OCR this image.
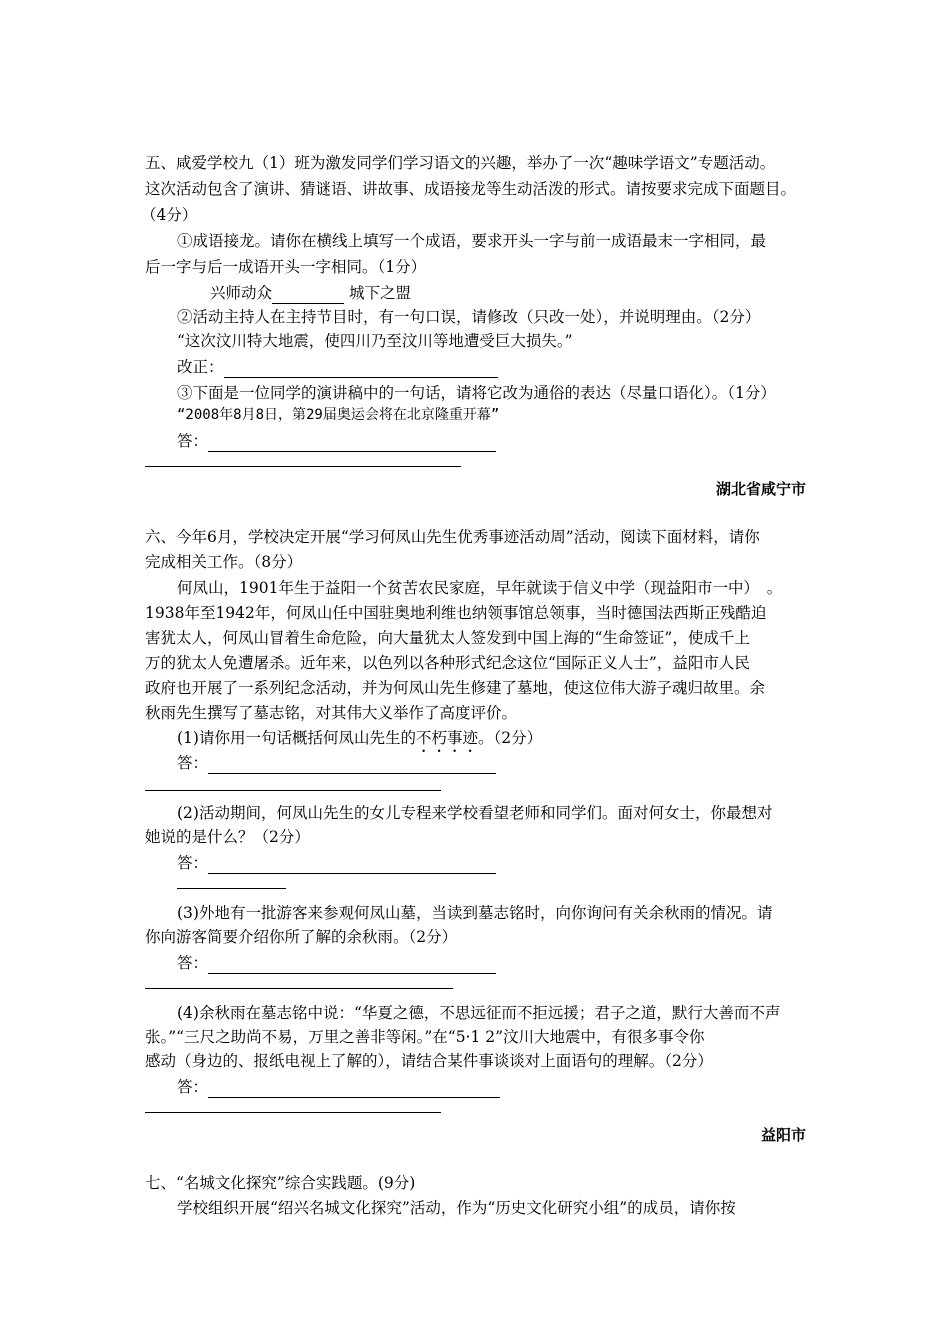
五、咸爱学校九（1）班为激发同学们学习语文的兴趣，举办了一次“趣味学语文”专题活动。
这次活动包含了演讲、猜谜语、讲故事、成语接龙等生动活泼的形式。请按要求完成下面题目。
（4分）
①成语接龙。请你在横线上填写一个成语，要求开头一字与前一成语最末一字相同，最
后一字与后一成语开头一字相同。（1分）
兴师动众	城下之盟
②活动主持人在主持节目时，有一句口误，请修改（只改一处），并说明理由。（2分）
“这次汶川特大地震，使四川乃至汶川等地遭受巨大损失。”
改正：
③下面是一位同学的演讲稿中的一句话，请将它改为通俗的表达（尽量口语化）。（1分）
“2008年8月8日，第29届奥运会将在北京隆重开幕”
答：
湖北省咸宁市
六、今年6月，学校决定开展“学习何凤山先生优秀事迹活动周”活动，阅读下面材料，请你
完成相关工作。（8分）
何凤山，1901年生于益阳一个贫苦农民家庭，早年就读于信义中学（现益阳市一中）　。
1938年至1942年，何凤山任中国驻奥地利维也纳领事馆总领事，当时德国法西斯正残酷迫
害犹太人，何凤山冒着生命危险，向大量犹太人签发到中国上海的“生命签证”，使成千上
万的犹太人免遭屠杀。近年来，以色列以各种形式纪念这位“国际正义人士”，益阳市人民
政府也开展了一系列纪念活动，并为何凤山先生修建了墓地，使这位伟大游子魂归故里。余
秋雨先生撰写了墓志铭，对其伟大义举作了高度评价。
(1)请你用一句话概括何凤山先生的不朽事迹。（2分）
答：
(2)活动期间，何凤山先生的女儿专程来学校看望老师和同学们。面对何女士，你最想对
她说的是什么？（2分）
答：
(3)外地有一批游客来参观何凤山墓，当读到墓志铭时，向你询问有关余秋雨的情况。请
你向游客简要介绍你所了解的余秋雨。（2分）
答：
(4)余秋雨在墓志铭中说：“华夏之德，不思远征而不拒远援；君子之道，默行大善而不声
张。”“三尺之助尚不易，万里之善非等闲。”在“5·1 2”汶川大地震中，有很多事令你
感动（身边的、报纸电视上了解的），请结合某件事谈谈对上面语句的理解。（2分）
答：
益阳市
七、“名城文化探究”综合实践题。(9分)
学校组织开展“绍兴名城文化探究”活动，作为“历史文化研究小组”的成员，请你按
